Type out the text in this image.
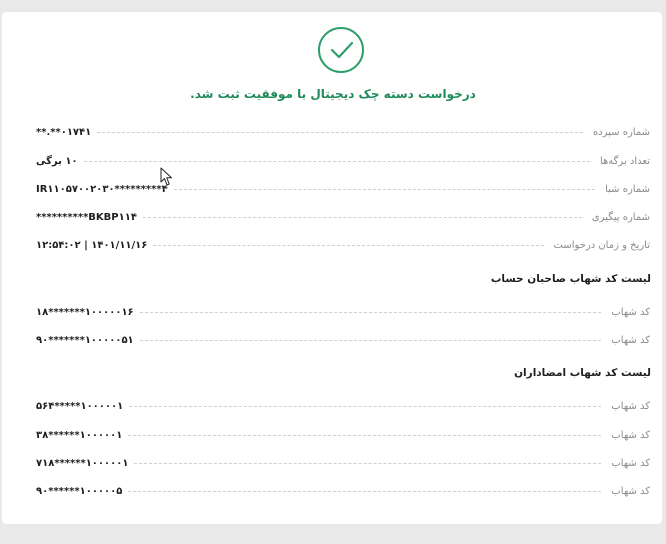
درخواست دسته چک دیجیتال با موفقیت ثبت شد.
شماره سپرده
۰۱۷۴۱**.**
تعداد برگه‌ها
۱۰ برگی
شماره شبا
IR۱۱۰۵۷۰۰۲۰۳۰*********۴
شماره پیگیری
BKBP۱۱۴**********
تاریخ و زمان درخواست
۱۴۰۱/۱۱/۱۶ | ۱۲:۵۴:۰۲
لیست کد شهاب صاحبان حساب
کد شهاب
۱۰۰۰۰۰۱۶*******۱۸
کد شهاب
۱۰۰۰۰۰۵۱*******۹۰
لیست کد شهاب امضاداران
کد شهاب
۱۰۰۰۰۰۱*****۵۶۴
کد شهاب
۱۰۰۰۰۰۱******۳۸
کد شهاب
۱۰۰۰۰۰۱******۷۱۸
کد شهاب
۱۰۰۰۰۰۵******۹۰
